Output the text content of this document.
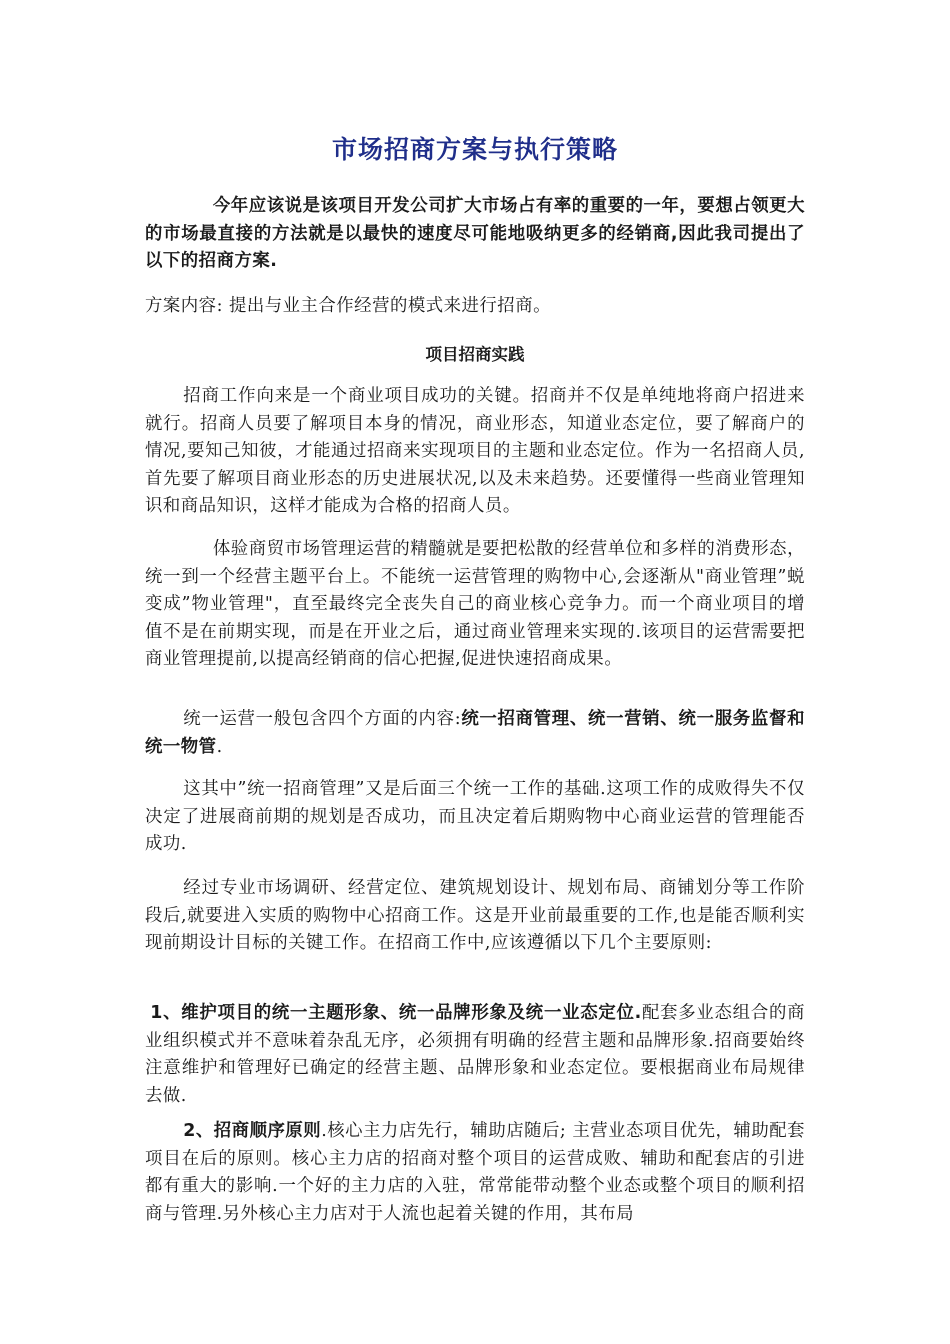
市场招商方案与执行策略

今年应该说是该项目开发公司扩大市场占有率的重要的一年，要想占领更大的市场最直接的方法就是以最快的速度尽可能地吸纳更多的经销商,因此我司提出了以下的招商方案.

方案内容: 提出与业主合作经营的模式来进行招商。

项目招商实践

招商工作向来是一个商业项目成功的关键。招商并不仅是单纯地将商户招进来就行。招商人员要了解项目本身的情况，商业形态，知道业态定位，要了解商户的情况,要知己知彼，才能通过招商来实现项目的主题和业态定位。作为一名招商人员,首先要了解项目商业形态的历史进展状况,以及未来趋势。还要懂得一些商业管理知识和商品知识，这样才能成为合格的招商人员。

体验商贸市场管理运营的精髓就是要把松散的经营单位和多样的消费形态，统一到一个经营主题平台上。不能统一运营管理的购物中心,会逐渐从"商业管理”蜕变成”物业管理"，直至最终完全丧失自己的商业核心竞争力。而一个商业项目的增值不是在前期实现，而是在开业之后，通过商业管理来实现的.该项目的运营需要把商业管理提前,以提高经销商的信心把握,促进快速招商成果。

统一运营一般包含四个方面的内容:统一招商管理、统一营销、统一服务监督和统一物管.

这其中”统一招商管理”又是后面三个统一工作的基础.这项工作的成败得失不仅决定了进展商前期的规划是否成功，而且决定着后期购物中心商业运营的管理能否成功.

经过专业市场调研、经营定位、建筑规划设计、规划布局、商铺划分等工作阶段后,就要进入实质的购物中心招商工作。这是开业前最重要的工作,也是能否顺利实现前期设计目标的关键工作。在招商工作中,应该遵循以下几个主要原则:

1、维护项目的统一主题形象、统一品牌形象及统一业态定位.配套多业态组合的商业组织模式并不意味着杂乱无序，必须拥有明确的经营主题和品牌形象.招商要始终注意维护和管理好已确定的经营主题、品牌形象和业态定位。要根据商业布局规律去做.

2、招商顺序原则.核心主力店先行，辅助店随后; 主营业态项目优先，辅助配套项目在后的原则。核心主力店的招商对整个项目的运营成败、辅助和配套店的引进都有重大的影响.一个好的主力店的入驻，常常能带动整个业态或整个项目的顺利招商与管理.另外核心主力店对于人流也起着关键的作用，其布局
